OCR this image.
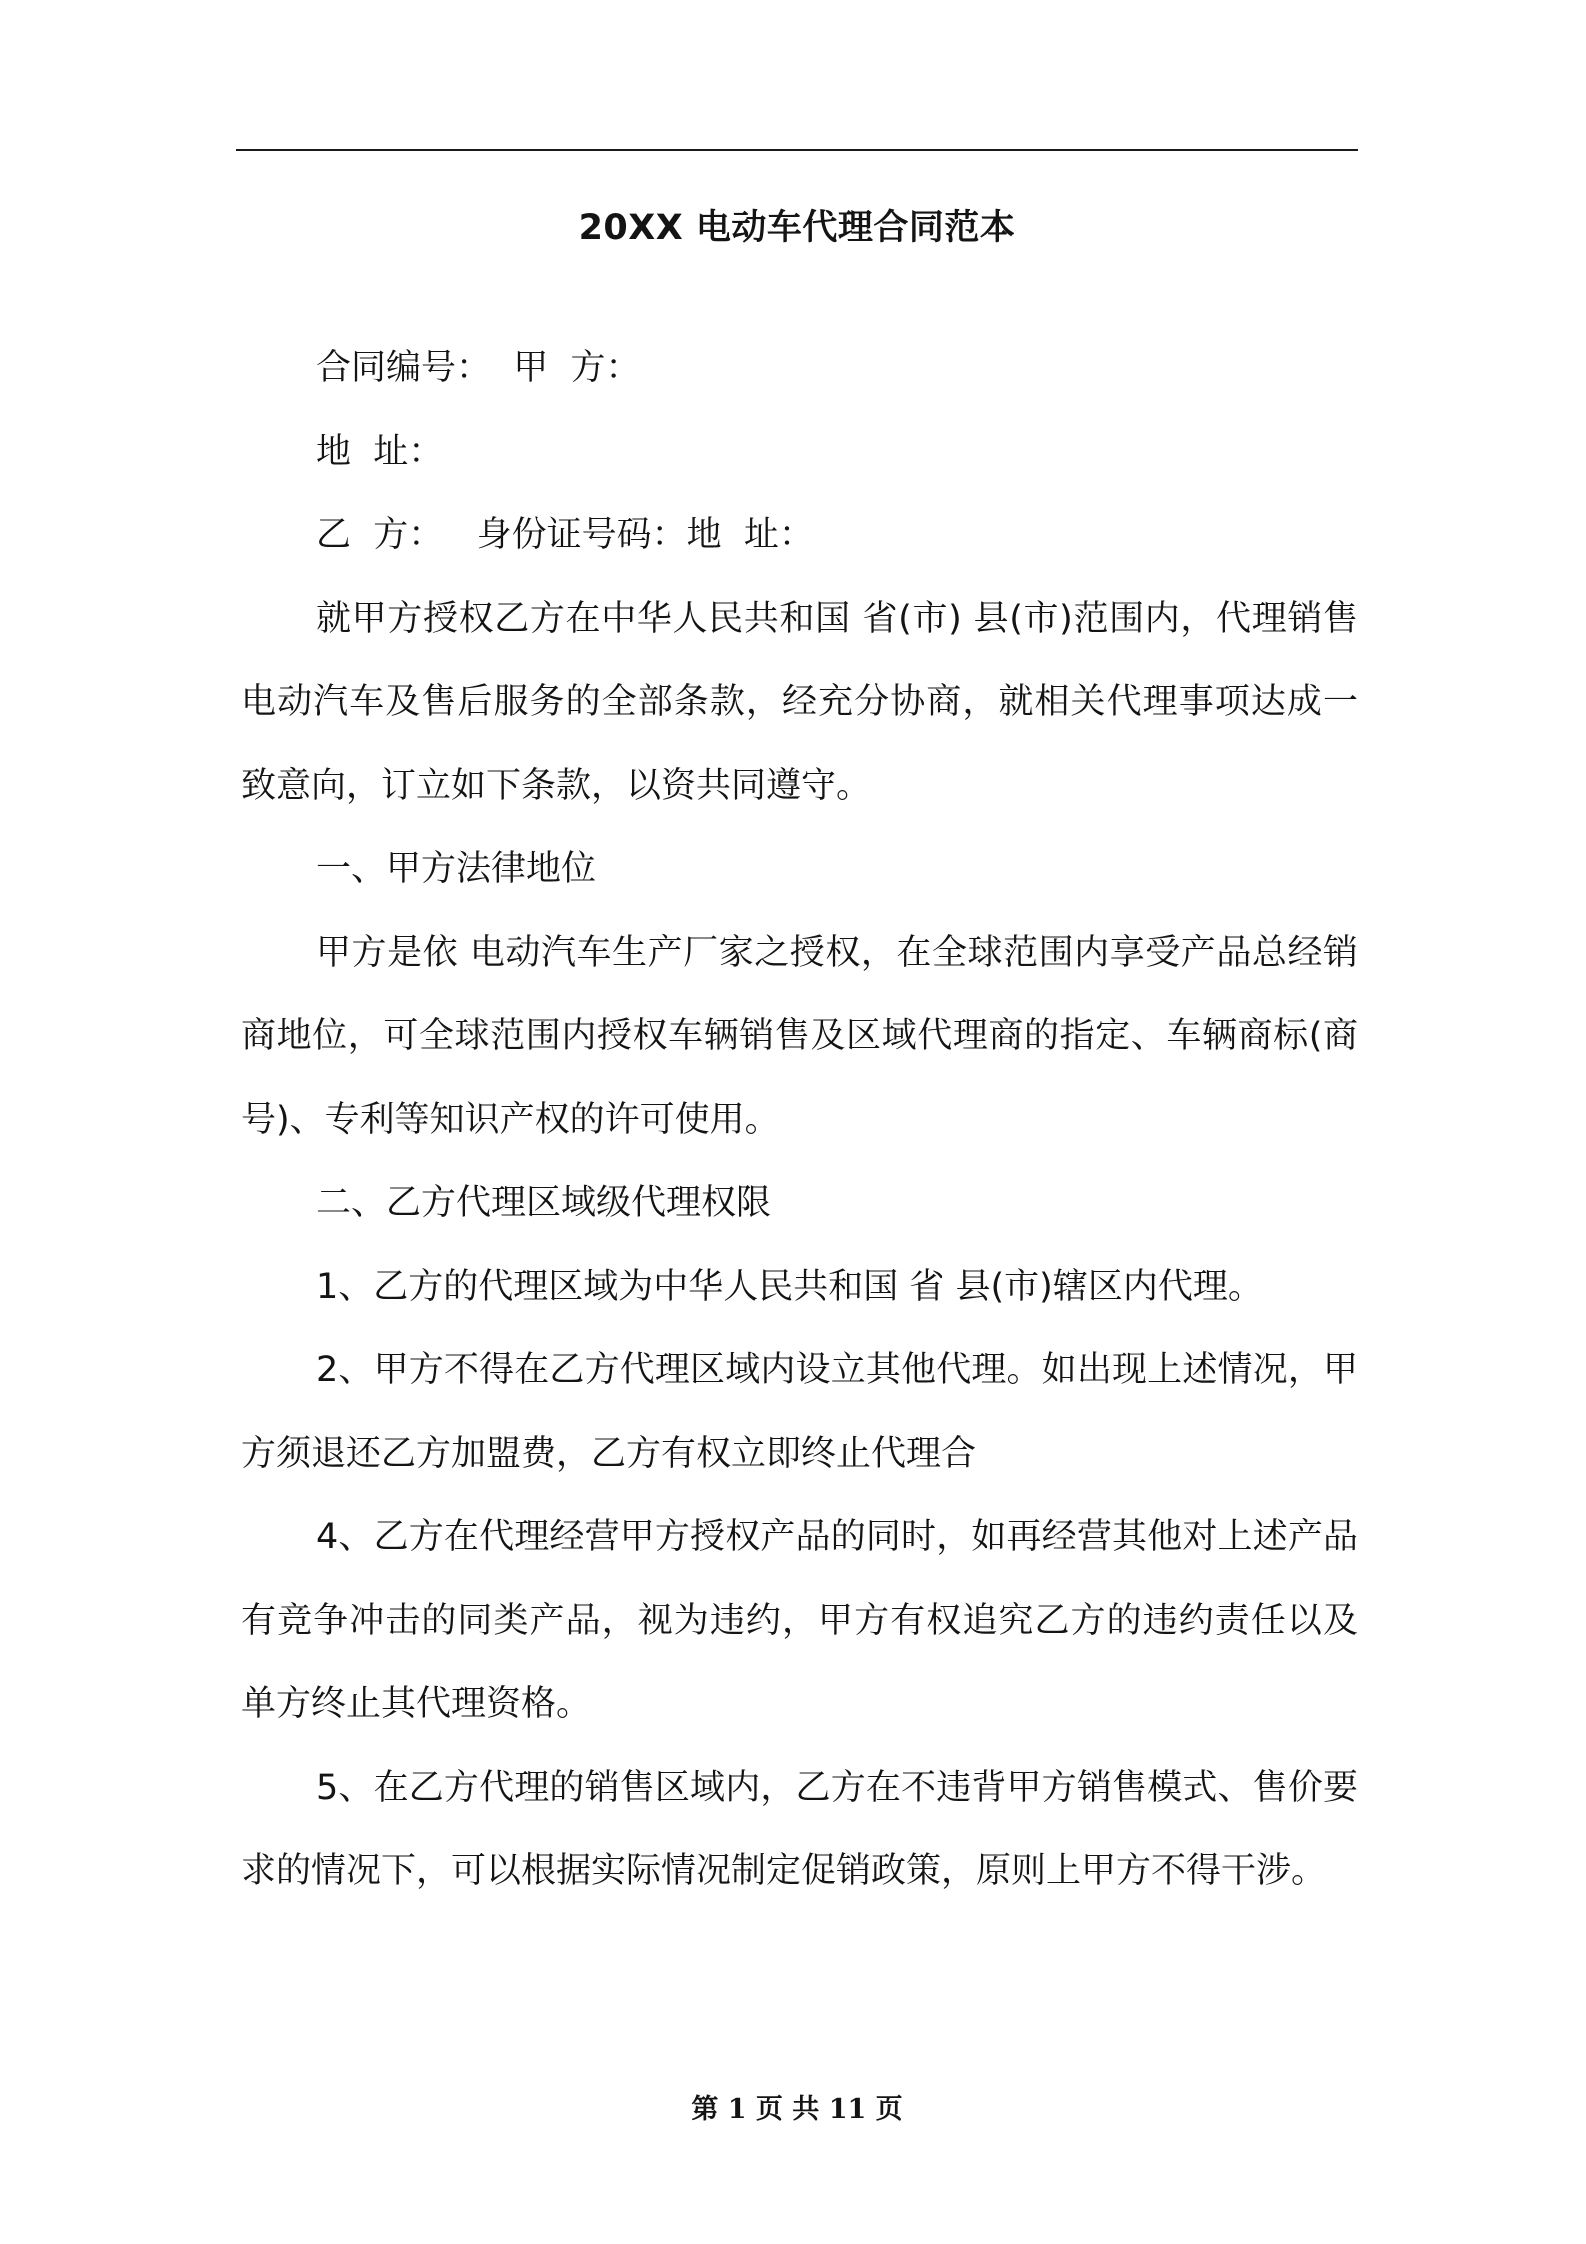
20XX 电动车代理合同范本

合同编号：  甲  方：

地  址：

乙  方：   身份证号码：地  址：

就甲方授权乙方在中华人民共和国 省(市) 县(市)范围内，代理销售 电动汽车及售后服务的全部条款，经充分协商，就相关代理事项达成一致意向，订立如下条款，以资共同遵守。

一、甲方法律地位

甲方是依 电动汽车生产厂家之授权，在全球范围内享受产品总经销商地位，可全球范围内授权车辆销售及区域代理商的指定、车辆商标(商号)、专利等知识产权的许可使用。

二、乙方代理区域级代理权限

1、乙方的代理区域为中华人民共和国 省 县(市)辖区内代理。

2、甲方不得在乙方代理区域内设立其他代理。如出现上述情况，甲方须退还乙方加盟费，乙方有权立即终止代理合

4、乙方在代理经营甲方授权产品的同时，如再经营其他对上述产品有竞争冲击的同类产品，视为违约，甲方有权追究乙方的违约责任以及单方终止其代理资格。

5、在乙方代理的销售区域内，乙方在不违背甲方销售模式、售价要求的情况下，可以根据实际情况制定促销政策，原则上甲方不得干涉。

第 1 页 共 11 页
